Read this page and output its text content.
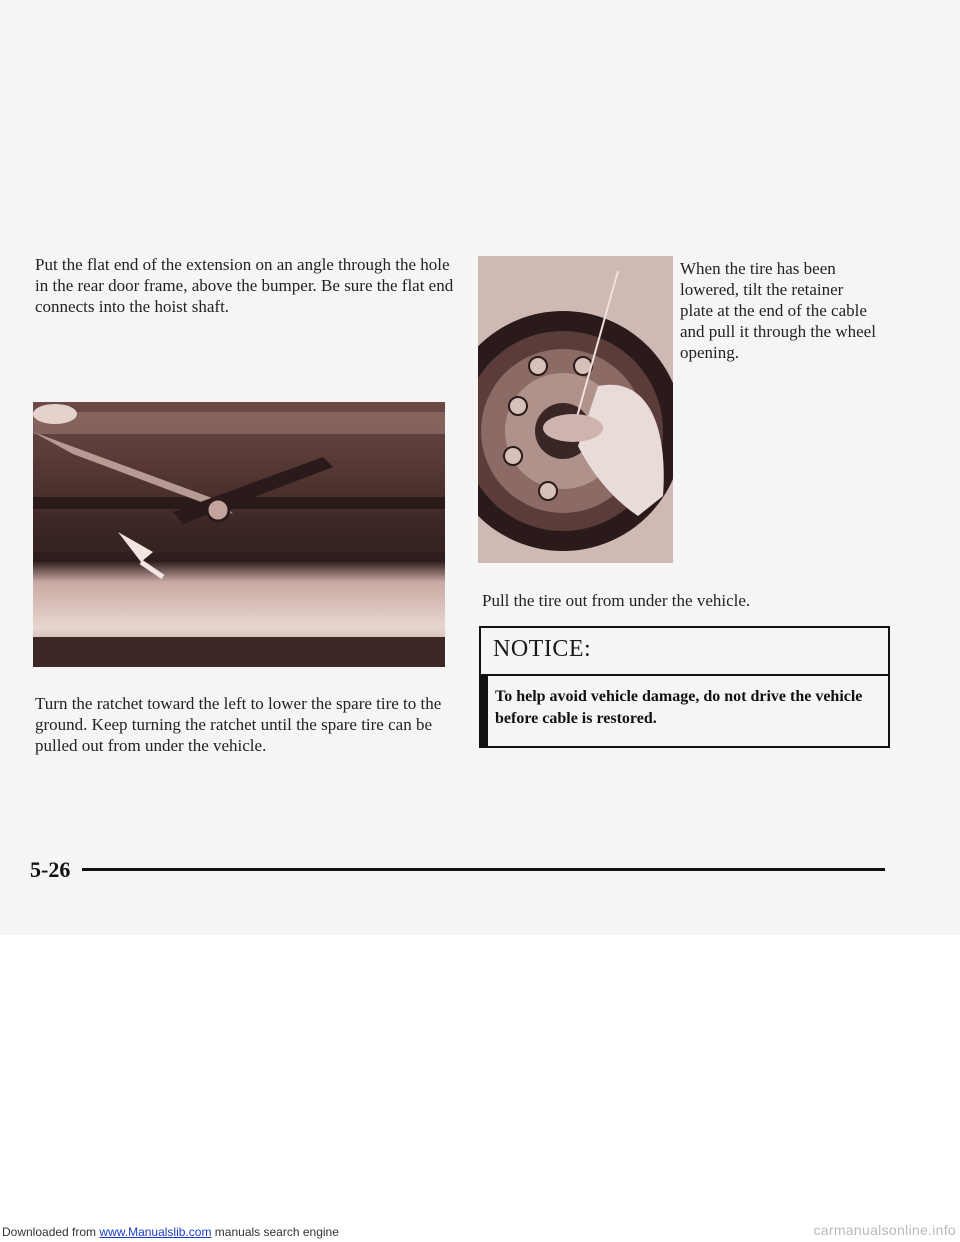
Put the flat end of the extension on an angle through the hole in the rear door frame, above the bumper. Be sure the flat end connects into the hoist shaft.
Turn the ratchet toward the left to lower the spare tire to the ground. Keep turning the ratchet until the spare tire can be pulled out from under the vehicle.
When the tire has been lowered, tilt the retainer plate at the end of the cable and pull it through the wheel opening.
Pull the tire out from under the vehicle.
NOTICE:
To help avoid vehicle damage, do not drive the vehicle before cable is restored.
5-26
Downloaded from www.Manualslib.com manuals search engine	carmanualsonline.info
